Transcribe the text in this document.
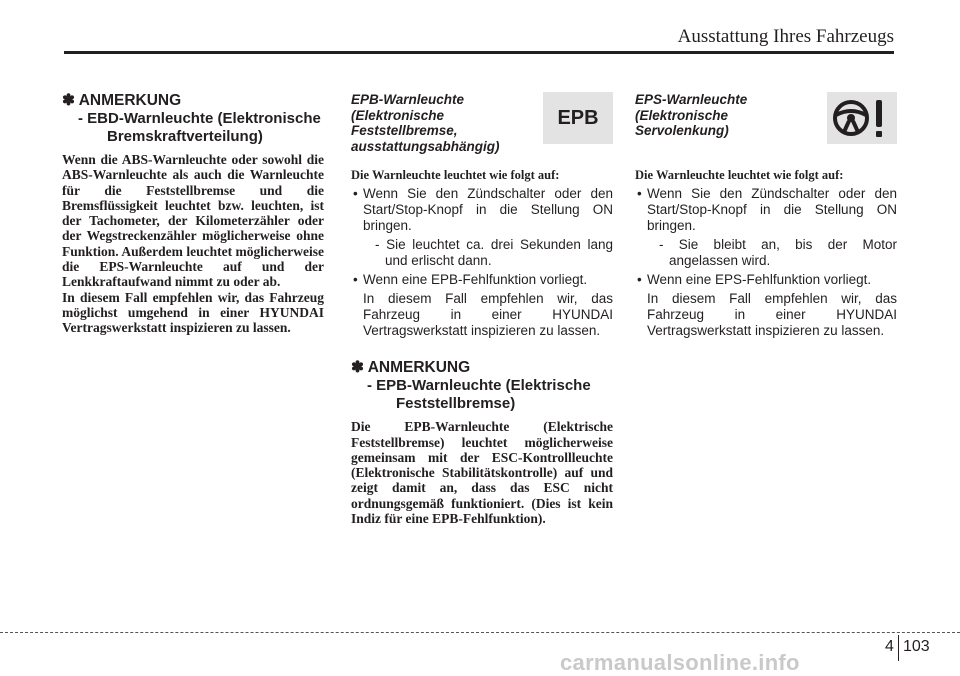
Ausstattung Ihres Fahrzeugs
✽ ANMERKUNG
- EBD-Warnleuchte (Elektronische Bremskraftverteilung)
Wenn die ABS-Warnleuchte oder sowohl die ABS-Warnleuchte als auch die Warnleuchte für die Feststellbremse und die Bremsflüssigkeit leuchtet bzw. leuchten, ist der Tachometer, der Kilometerzähler oder der Wegstreckenzähler möglicherweise ohne Funktion. Außerdem leuchtet möglicherweise die EPS-Warnleuchte auf und der Lenkkraftaufwand nimmt zu oder ab.
In diesem Fall empfehlen wir, das Fahrzeug möglichst umgehend in einer HYUNDAI Vertragswerkstatt inspizieren zu lassen.
EPB-Warnleuchte (Elektronische Feststellbremse, ausstattungsabhängig)
EPB
Die Warnleuchte leuchtet wie folgt auf:
• Wenn Sie den Zündschalter oder den Start/Stop-Knopf in die Stellung ON bringen.
- Sie leuchtet ca. drei Sekunden lang und erlischt dann.
• Wenn eine EPB-Fehlfunktion vorliegt.
In diesem Fall empfehlen wir, das Fahrzeug in einer HYUNDAI Vertragswerkstatt inspizieren zu lassen.
✽ ANMERKUNG
- EPB-Warnleuchte (Elektrische Feststellbremse)
Die EPB-Warnleuchte (Elektrische Feststellbremse) leuchtet möglicherweise gemeinsam mit der ESC-Kontrollleuchte (Elektronische Stabilitätskontrolle) auf und zeigt damit an, dass das ESC nicht ordnungsgemäß funktioniert. (Dies ist kein Indiz für eine EPB-Fehlfunktion).
EPS-Warnleuchte (Elektronische Servolenkung)
Die Warnleuchte leuchtet wie folgt auf:
• Wenn Sie den Zündschalter oder den Start/Stop-Knopf in die Stellung ON bringen.
- Sie bleibt an, bis der Motor angelassen wird.
• Wenn eine EPS-Fehlfunktion vorliegt.
In diesem Fall empfehlen wir, das Fahrzeug in einer HYUNDAI Vertragswerkstatt inspizieren zu lassen.
4 103
carmanualsonline.info
